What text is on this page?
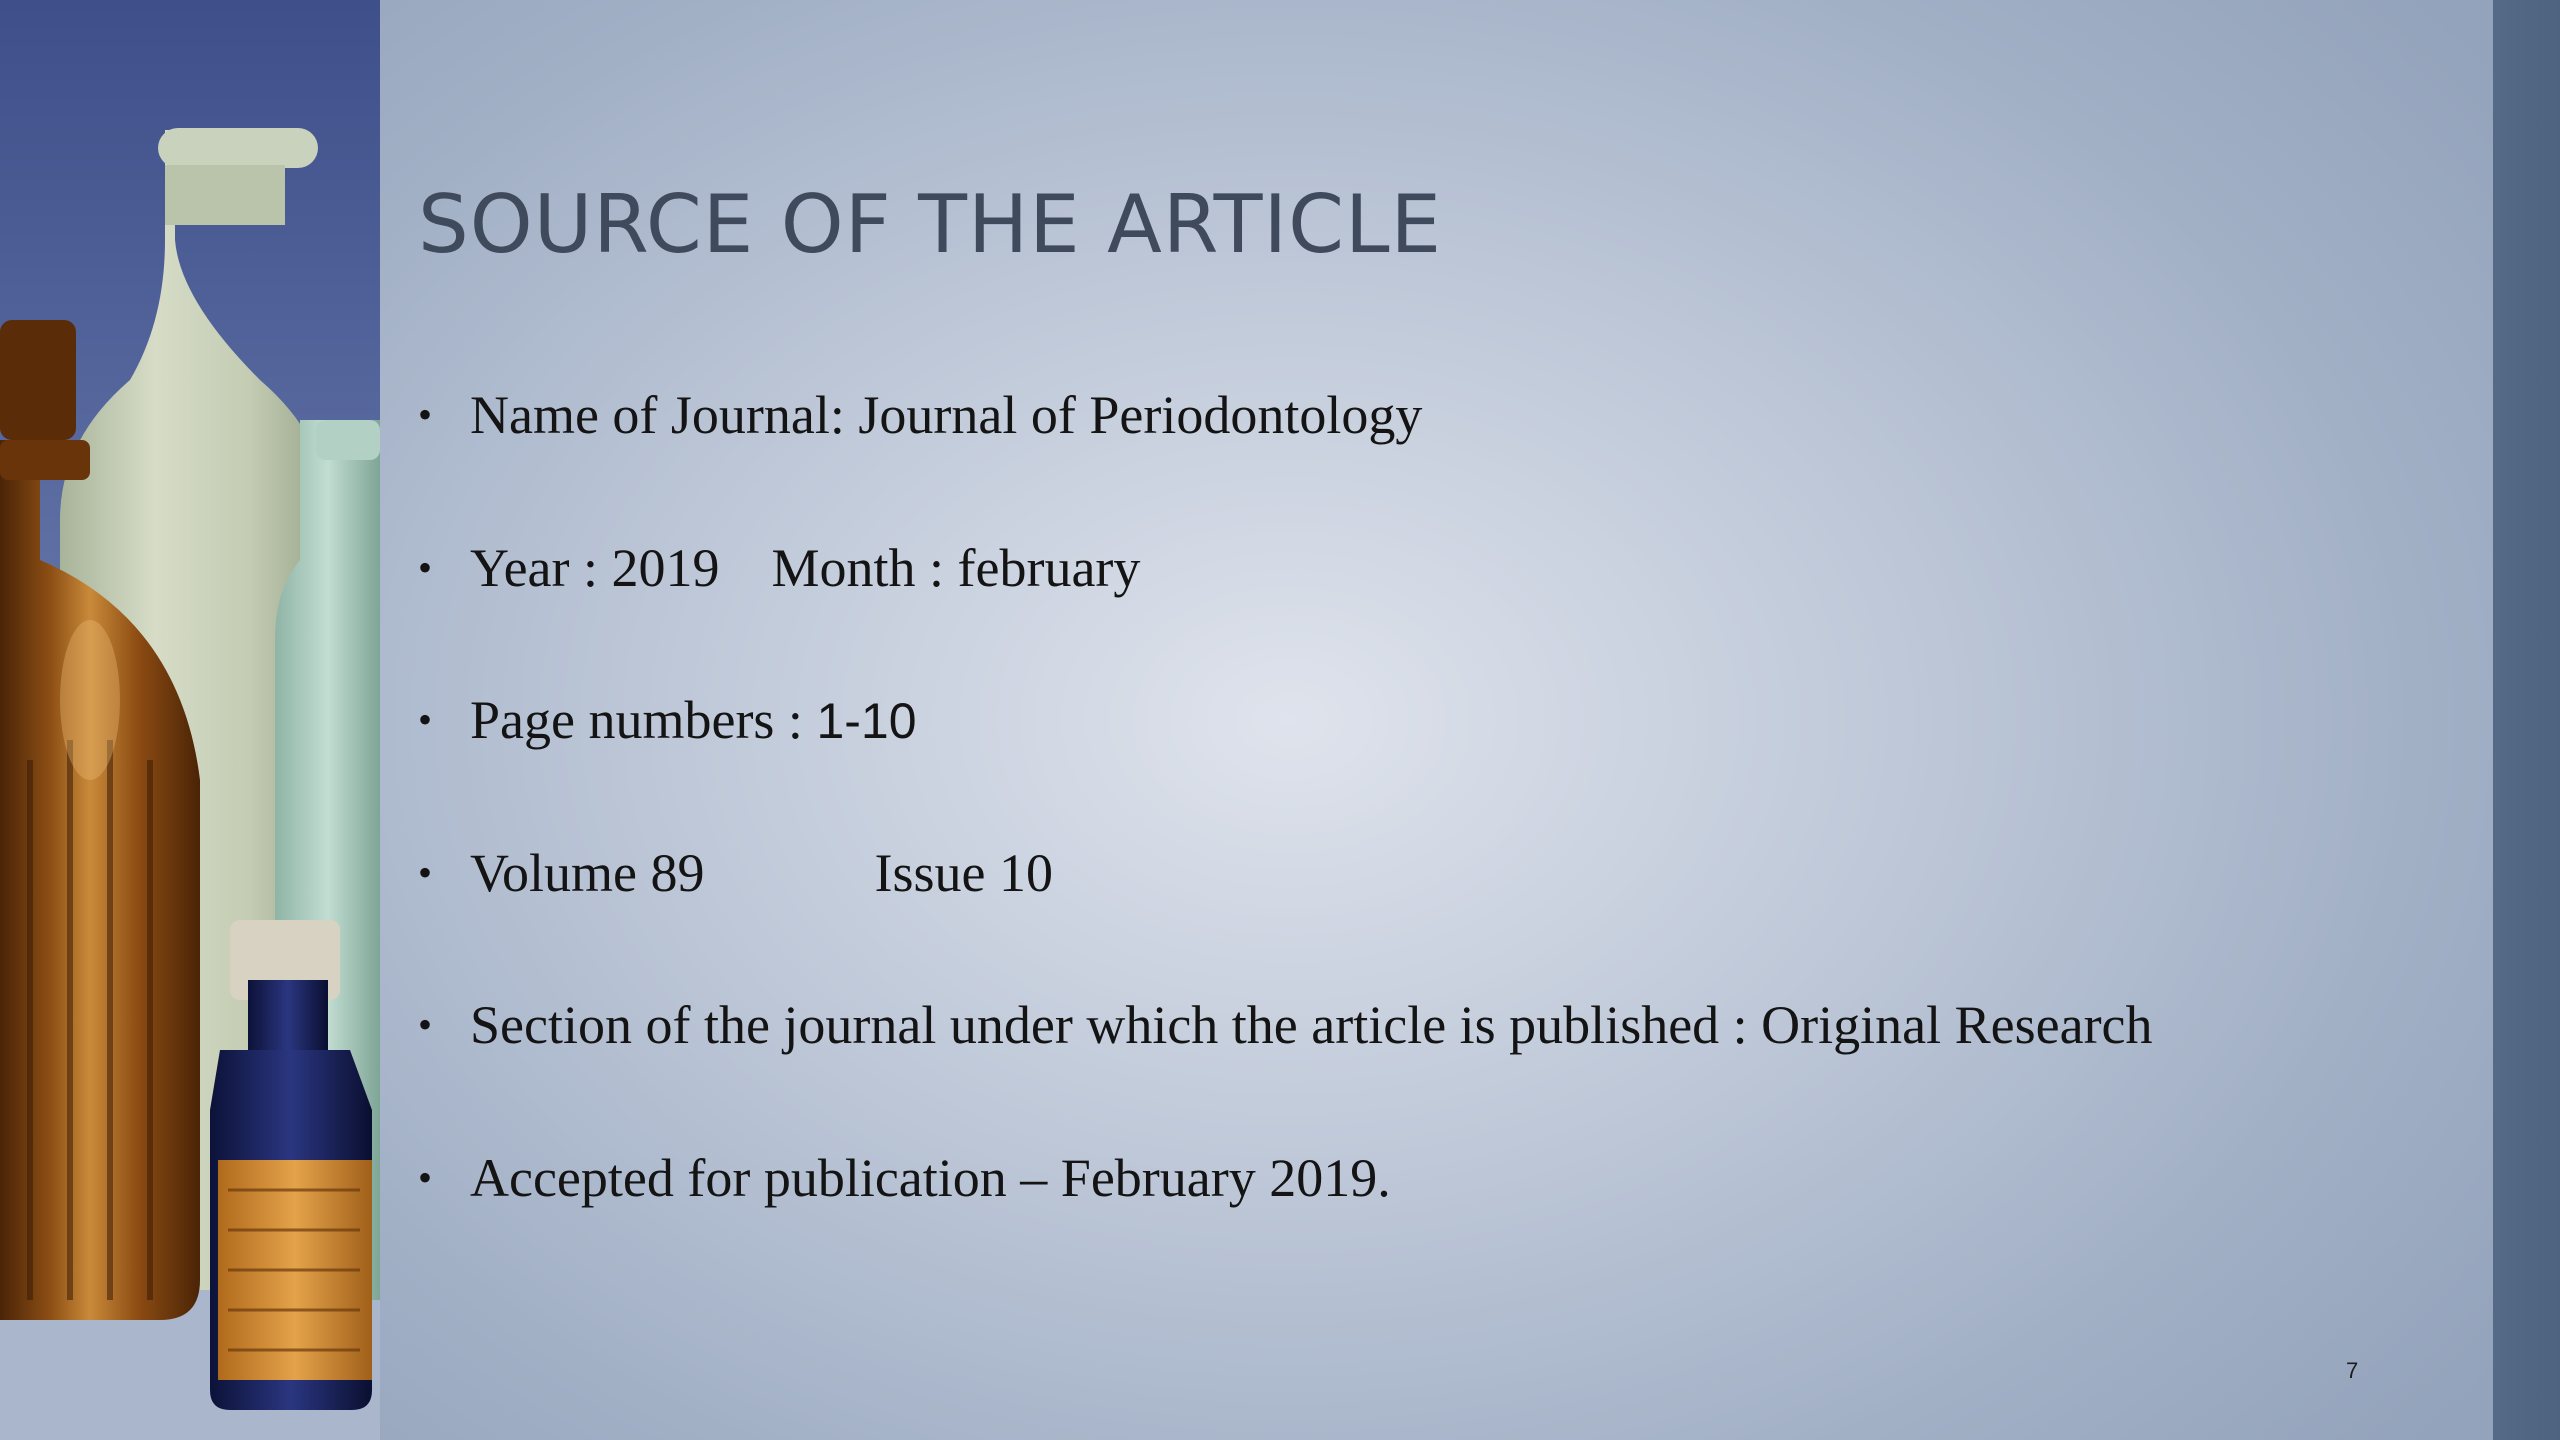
SOURCE OF THE ARTICLE
• Name of Journal: Journal of Periodontology
• Year : 2019 Month : february
• Page numbers : 1-10
• Volume 89	Issue 10
• Section of the journal under which the article is published : Original Research
• Accepted for publication – February 2019.
7
